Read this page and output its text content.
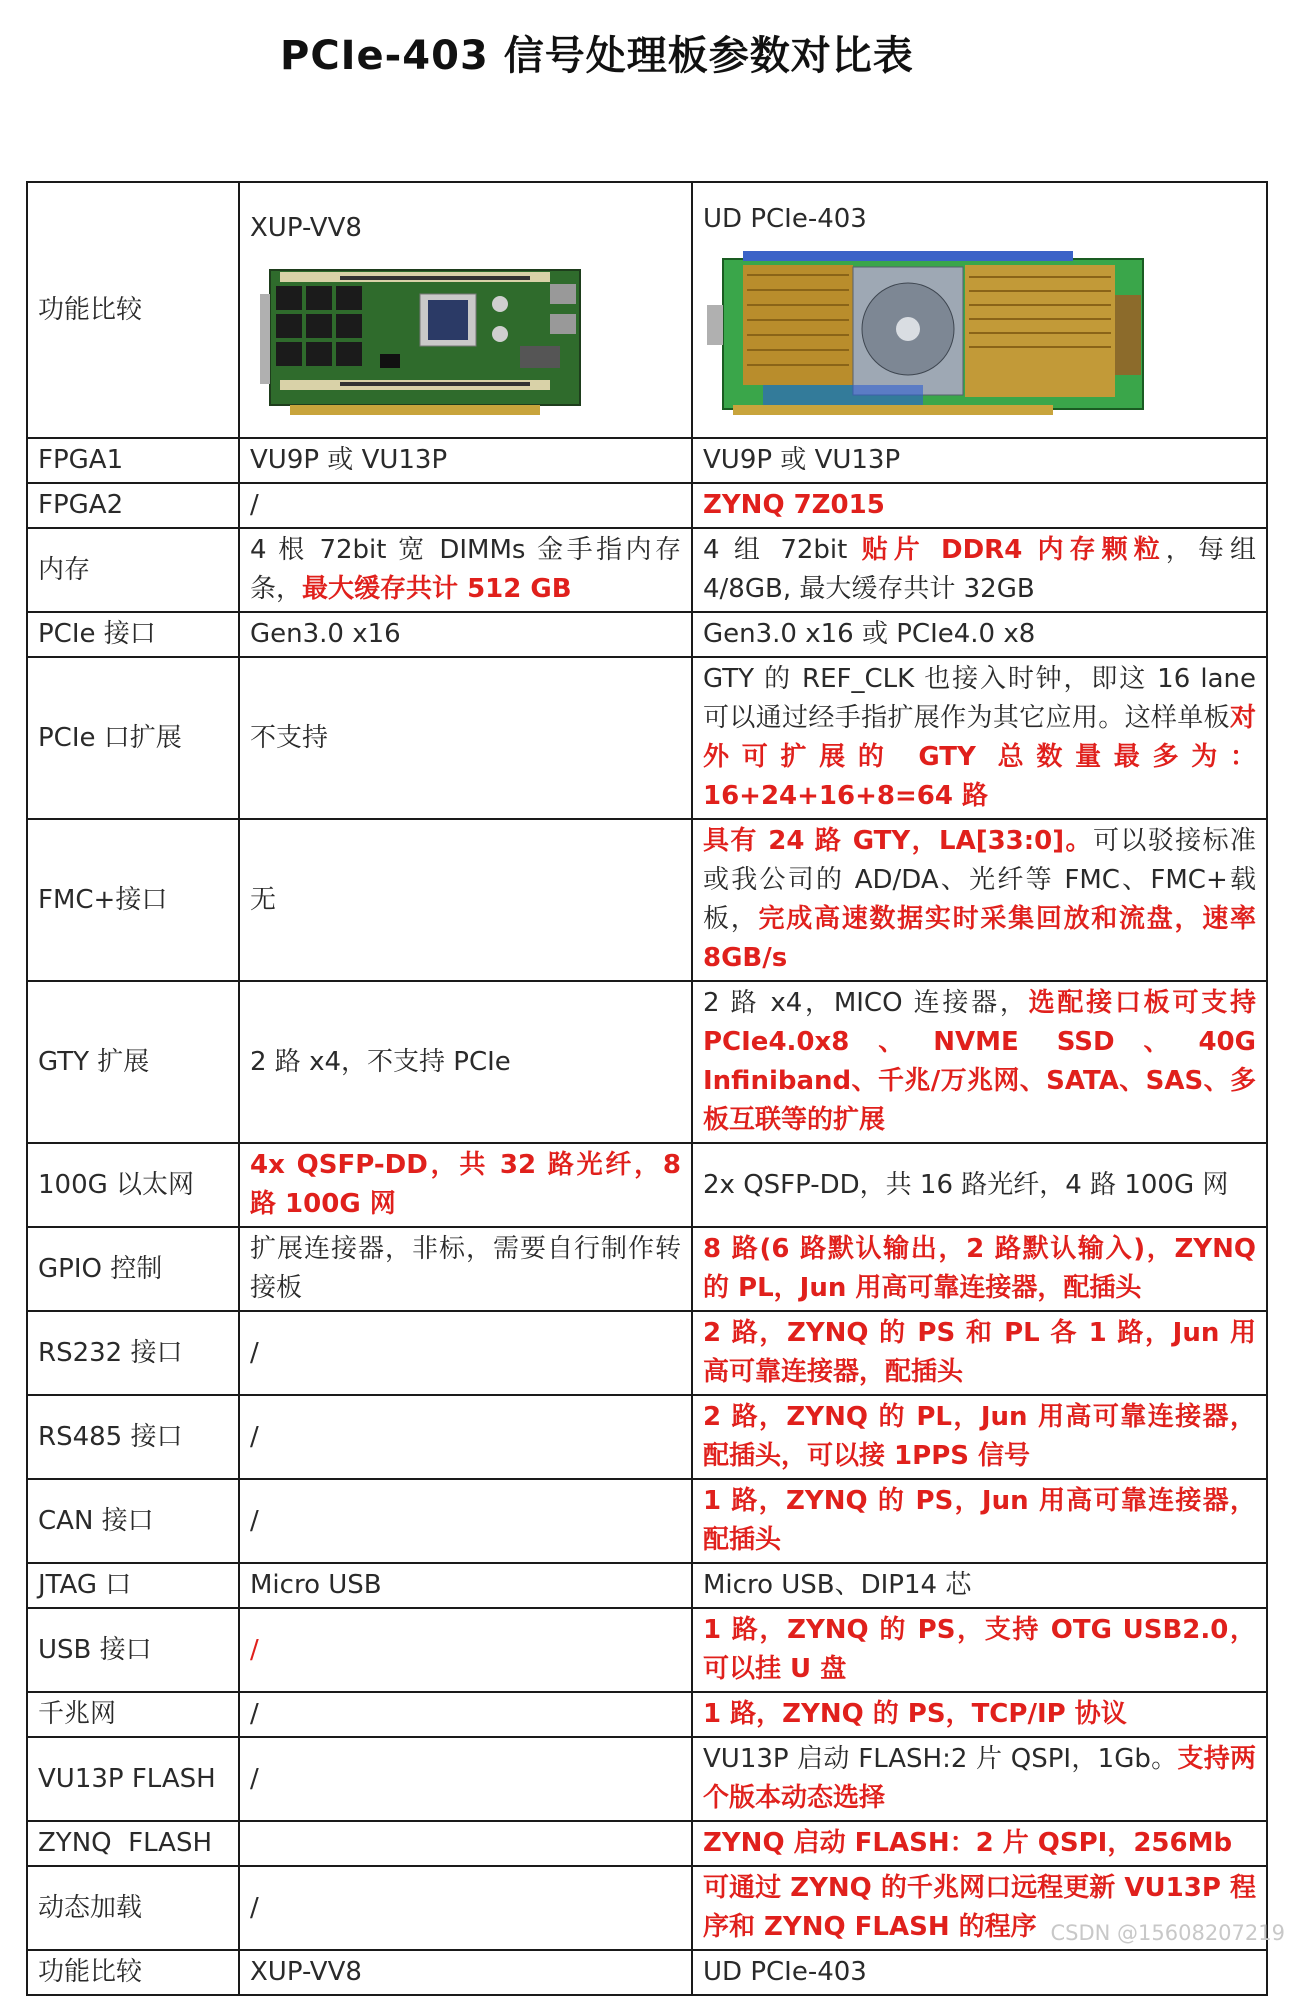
PCIe-403 信号处理板参数对比表
功能比较	XUP-VV8	UD PCIe-403

FPGA1	VU9P 或 VU13P	VU9P 或 VU13P
FPGA2	/	ZYNQ 7Z015
内存	4 根 72bit 宽 DIMMs 金手指内存条，最大缓存共计 512 GB	4 组 72bit 贴片 DDR4 内存颗粒，每组 4/8GB, 最大缓存共计 32GB
PCIe 接口	Gen3.0 x16	Gen3.0 x16 或 PCIe4.0 x8
PCIe 口扩展	不支持	GTY 的 REF_CLK 也接入时钟，即这 16 lane 可以通过经手指扩展作为其它应用。这样单板对外可扩展的 GTY 总数量最多为：16+24+16+8=64 路
FMC+接口	无	具有 24 路 GTY，LA[33:0]。可以驳接标准或我公司的 AD/DA、光纤等 FMC、FMC+载板，完成高速数据实时采集回放和流盘，速率 8GB/s
GTY 扩展	2 路 x4，不支持 PCIe	2 路 x4，MICO 连接器，选配接口板可支持 PCIe4.0x8、NVME SSD、40G Infiniband、千兆/万兆网、SATA、SAS、多板互联等的扩展
100G 以太网	4x QSFP-DD，共 32 路光纤，8 路 100G 网	2x QSFP-DD，共 16 路光纤，4 路 100G 网
GPIO 控制	扩展连接器，非标，需要自行制作转接板	8 路(6 路默认输出，2 路默认输入)，ZYNQ 的 PL，Jun 用高可靠连接器，配插头
RS232 接口	/	2 路，ZYNQ 的 PS 和 PL 各 1 路，Jun 用高可靠连接器，配插头
RS485 接口	/	2 路，ZYNQ 的 PL，Jun 用高可靠连接器，配插头，可以接 1PPS 信号
CAN 接口	/	1 路，ZYNQ 的 PS，Jun 用高可靠连接器，配插头
JTAG 口	Micro USB	Micro USB、DIP14 芯
USB 接口	/	1 路，ZYNQ 的 PS，支持 OTG USB2.0，可以挂 U 盘
千兆网	/	1 路，ZYNQ 的 PS，TCP/IP 协议
VU13P FLASH	/	VU13P 启动 FLASH:2 片 QSPI，1Gb。支持两个版本动态选择
ZYNQ  FLASH		ZYNQ 启动 FLASH：2 片 QSPI，256Mb
动态加载	/	可通过 ZYNQ 的千兆网口远程更新 VU13P 程序和 ZYNQ FLASH 的程序
功能比较	XUP-VV8	UD PCIe-403
CSDN @15608207219
